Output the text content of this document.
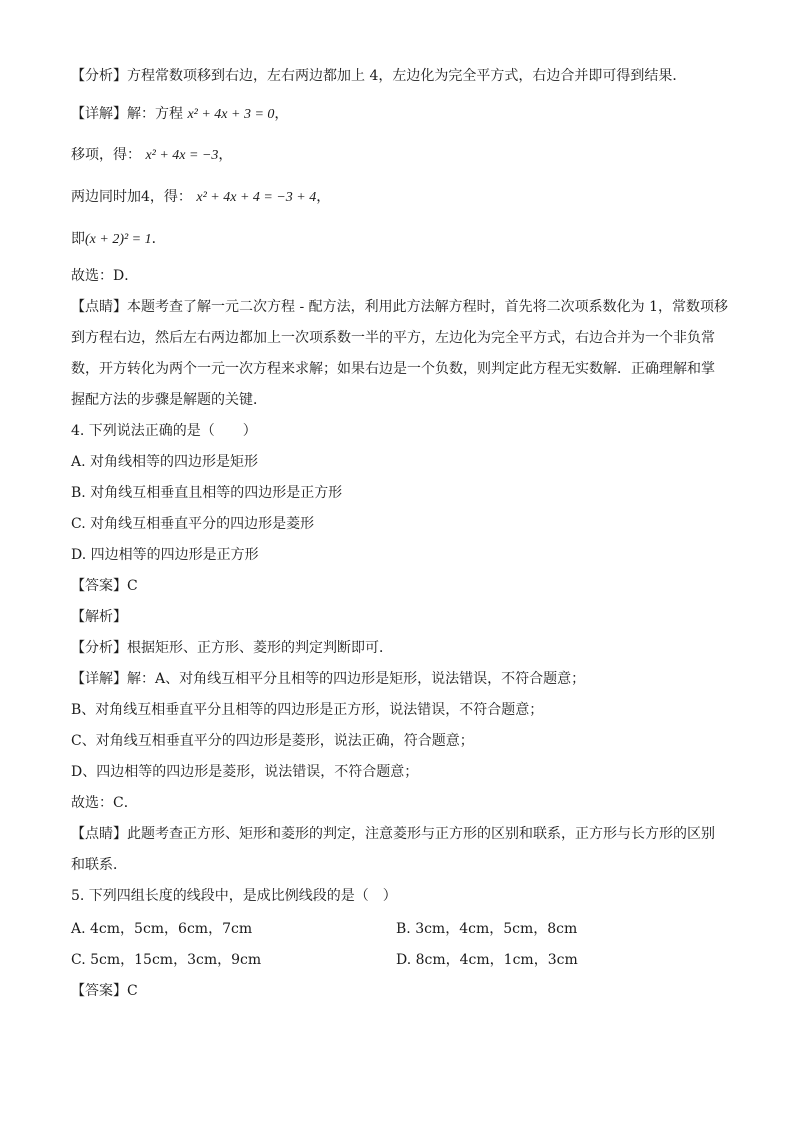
【分析】方程常数项移到右边，左右两边都加上 4，左边化为完全平方式，右边合并即可得到结果．
【详解】解：方程 x² + 4x + 3 = 0，
移项，得： x² + 4x = −3，
两边同时加4，得： x² + 4x + 4 = −3 + 4，
即(x + 2)² = 1．
故选：D．
【点睛】本题考查了解一元二次方程 - 配方法，利用此方法解方程时，首先将二次项系数化为 1，常数项移
到方程右边，然后左右两边都加上一次项系数一半的平方，左边化为完全平方式，右边合并为一个非负常
数，开方转化为两个一元一次方程来求解；如果右边是一个负数，则判定此方程无实数解．正确理解和掌
握配方法的步骤是解题的关键．
4. 下列说法正确的是（　　）
A. 对角线相等的四边形是矩形
B. 对角线互相垂直且相等的四边形是正方形
C. 对角线互相垂直平分的四边形是菱形
D. 四边相等的四边形是正方形
【答案】C
【解析】
【分析】根据矩形、正方形、菱形的判定判断即可．
【详解】解：A、对角线互相平分且相等的四边形是矩形，说法错误，不符合题意；
B、对角线互相垂直平分且相等的四边形是正方形，说法错误，不符合题意；
C、对角线互相垂直平分的四边形是菱形，说法正确，符合题意；
D、四边相等的四边形是菱形，说法错误，不符合题意；
故选：C．
【点睛】此题考查正方形、矩形和菱形的判定，注意菱形与正方形的区别和联系，正方形与长方形的区别
和联系．
5. 下列四组长度的线段中，是成比例线段的是（　）
A. 4cm，5cm，6cm，7cm	B. 3cm，4cm，5cm，8cm
C. 5cm，15cm，3cm，9cm	D. 8cm，4cm，1cm，3cm
【答案】C
